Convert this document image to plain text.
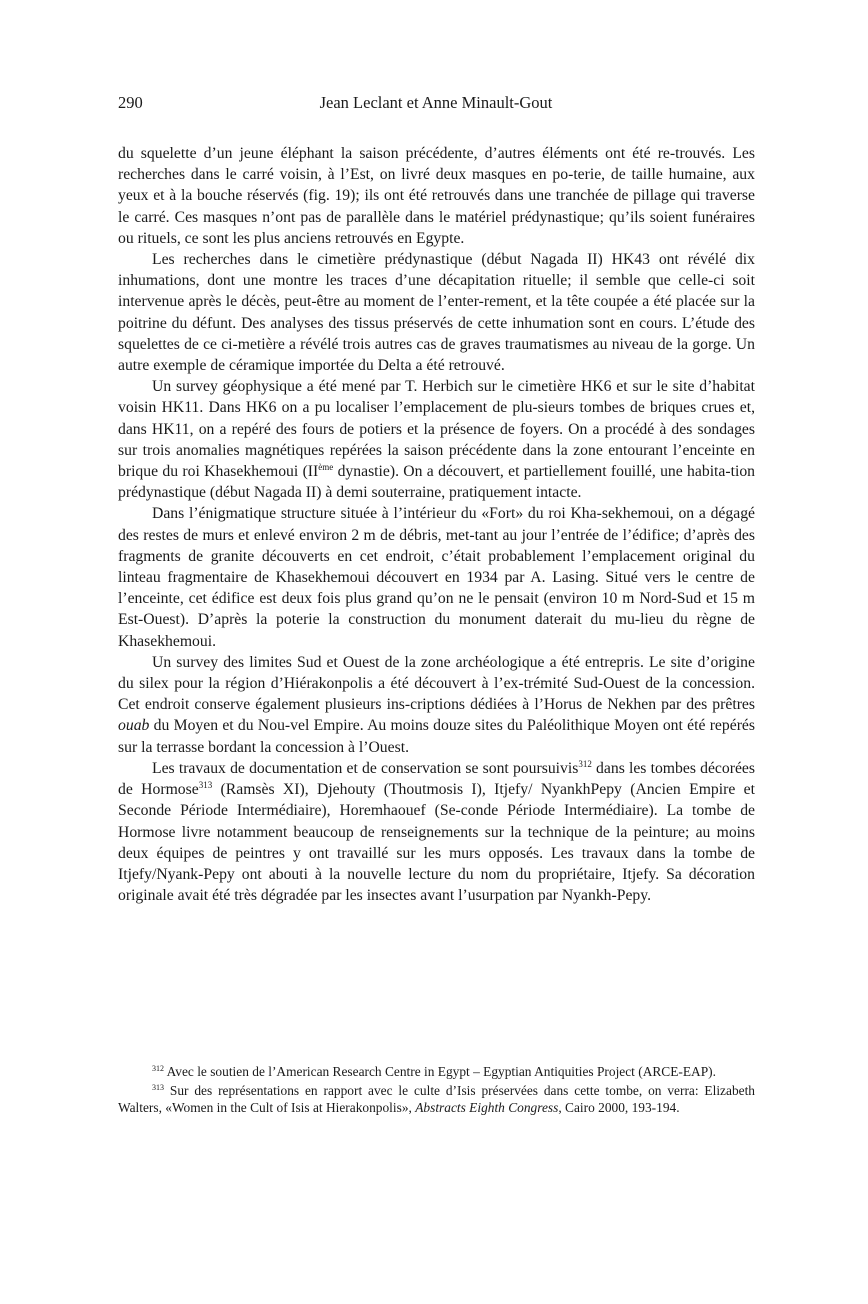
290	Jean Leclant et Anne Minault-Gout

du squelette d’un jeune éléphant la saison précédente, d’autres éléments ont été re-trouvés. Les recherches dans le carré voisin, à l’Est, on livré deux masques en po-terie, de taille humaine, aux yeux et à la bouche réservés (fig. 19); ils ont été retrouvés dans une tranchée de pillage qui traverse le carré. Ces masques n’ont pas de parallèle dans le matériel prédynastique; qu’ils soient funéraires ou rituels, ce sont les plus anciens retrouvés en Egypte.

Les recherches dans le cimetière prédynastique (début Nagada II) HK43 ont révélé dix inhumations, dont une montre les traces d’une décapitation rituelle; il semble que celle-ci soit intervenue après le décès, peut-être au moment de l’enter-rement, et la tête coupée a été placée sur la poitrine du défunt. Des analyses des tissus préservés de cette inhumation sont en cours. L’étude des squelettes de ce ci-metière a révélé trois autres cas de graves traumatismes au niveau de la gorge. Un autre exemple de céramique importée du Delta a été retrouvé.

Un survey géophysique a été mené par T. Herbich sur le cimetière HK6 et sur le site d’habitat voisin HK11. Dans HK6 on a pu localiser l’emplacement de plu-sieurs tombes de briques crues et, dans HK11, on a repéré des fours de potiers et la présence de foyers. On a procédé à des sondages sur trois anomalies magnétiques repérées la saison précédente dans la zone entourant l’enceinte en brique du roi Khasekhemoui (IIème dynastie). On a découvert, et partiellement fouillé, une habita-tion prédynastique (début Nagada II) à demi souterraine, pratiquement intacte.

Dans l’énigmatique structure située à l’intérieur du «Fort» du roi Kha-sekhemoui, on a dégagé des restes de murs et enlevé environ 2 m de débris, met-tant au jour l’entrée de l’édifice; d’après des fragments de granite découverts en cet endroit, c’était probablement l’emplacement original du linteau fragmentaire de Khasekhemoui découvert en 1934 par A. Lasing. Situé vers le centre de l’enceinte, cet édifice est deux fois plus grand qu’on ne le pensait (environ 10 m Nord-Sud et 15 m Est-Ouest). D’après la poterie la construction du monument daterait du mu-lieu du règne de Khasekhemoui.

Un survey des limites Sud et Ouest de la zone archéologique a été entrepris. Le site d’origine du silex pour la région d’Hiérakonpolis a été découvert à l’ex-trémité Sud-Ouest de la concession. Cet endroit conserve également plusieurs ins-criptions dédiées à l’Horus de Nekhen par des prêtres ouab du Moyen et du Nou-vel Empire. Au moins douze sites du Paléolithique Moyen ont été repérés sur la terrasse bordant la concession à l’Ouest.

Les travaux de documentation et de conservation se sont poursuivis$^{312}$ dans les tombes décorées de Hormose$^{313}$ (Ramsès XI), Djehouty (Thoutmosis I), Itjefy/ NyankhPepy (Ancien Empire et Seconde Période Intermédiaire), Horemhaouef (Se-conde Période Intermédiaire). La tombe de Hormose livre notamment beaucoup de renseignements sur la technique de la peinture; au moins deux équipes de peintres y ont travaillé sur les murs opposés. Les travaux dans la tombe de Itjefy/Nyank-Pepy ont abouti à la nouvelle lecture du nom du propriétaire, Itjefy. Sa décoration originale avait été très dégradée par les insectes avant l’usurpation par Nyankh-Pepy.

$^{312}$ Avec le soutien de l’American Research Centre in Egypt – Egyptian Antiquities Project (ARCE-EAP).

$^{313}$ Sur des représentations en rapport avec le culte d’Isis préservées dans cette tombe, on verra: Elizabeth Walters, «Women in the Cult of Isis at Hierakonpolis», Abstracts Eighth Congress, Cairo 2000, 193-194.
